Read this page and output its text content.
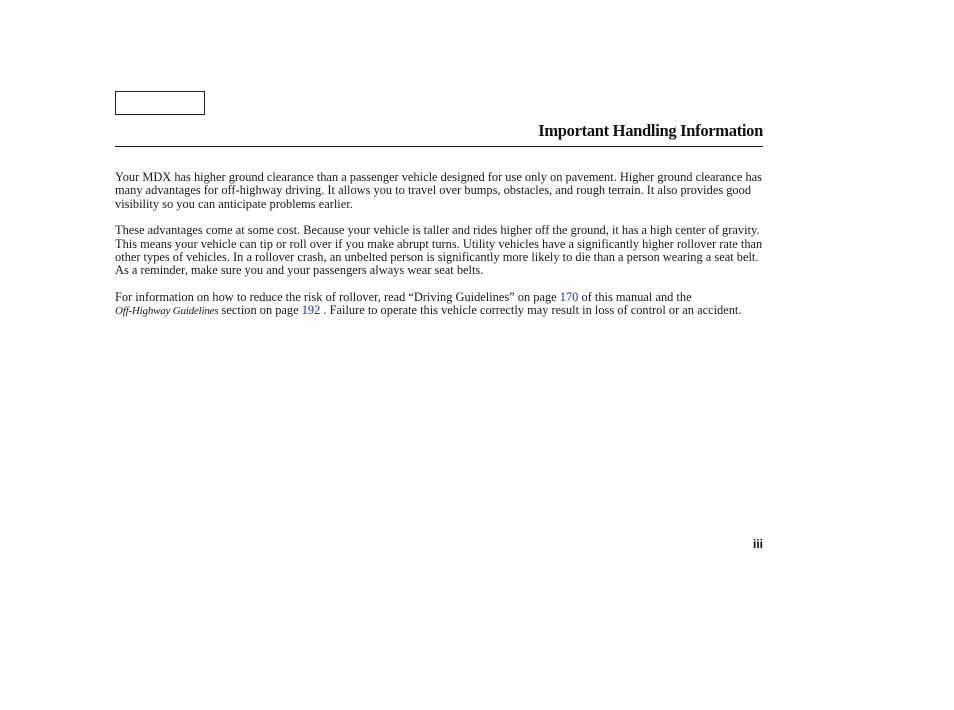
Important Handling Information

Your MDX has higher ground clearance than a passenger vehicle designed for use only on pavement. Higher ground clearance has many advantages for off-highway driving. It allows you to travel over bumps, obstacles, and rough terrain. It also provides good visibility so you can anticipate problems earlier.

These advantages come at some cost. Because your vehicle is taller and rides higher off the ground, it has a high center of gravity. This means your vehicle can tip or roll over if you make abrupt turns. Utility vehicles have a significantly higher rollover rate than other types of vehicles. In a rollover crash, an unbelted person is significantly more likely to die than a person wearing a seat belt. As a reminder, make sure you and your passengers always wear seat belts.

For information on how to reduce the risk of rollover, read “Driving Guidelines” on page 170 of this manual and the
Off-Highway Guidelines section on page 192 . Failure to operate this vehicle correctly may result in loss of control or an accident.

iii
